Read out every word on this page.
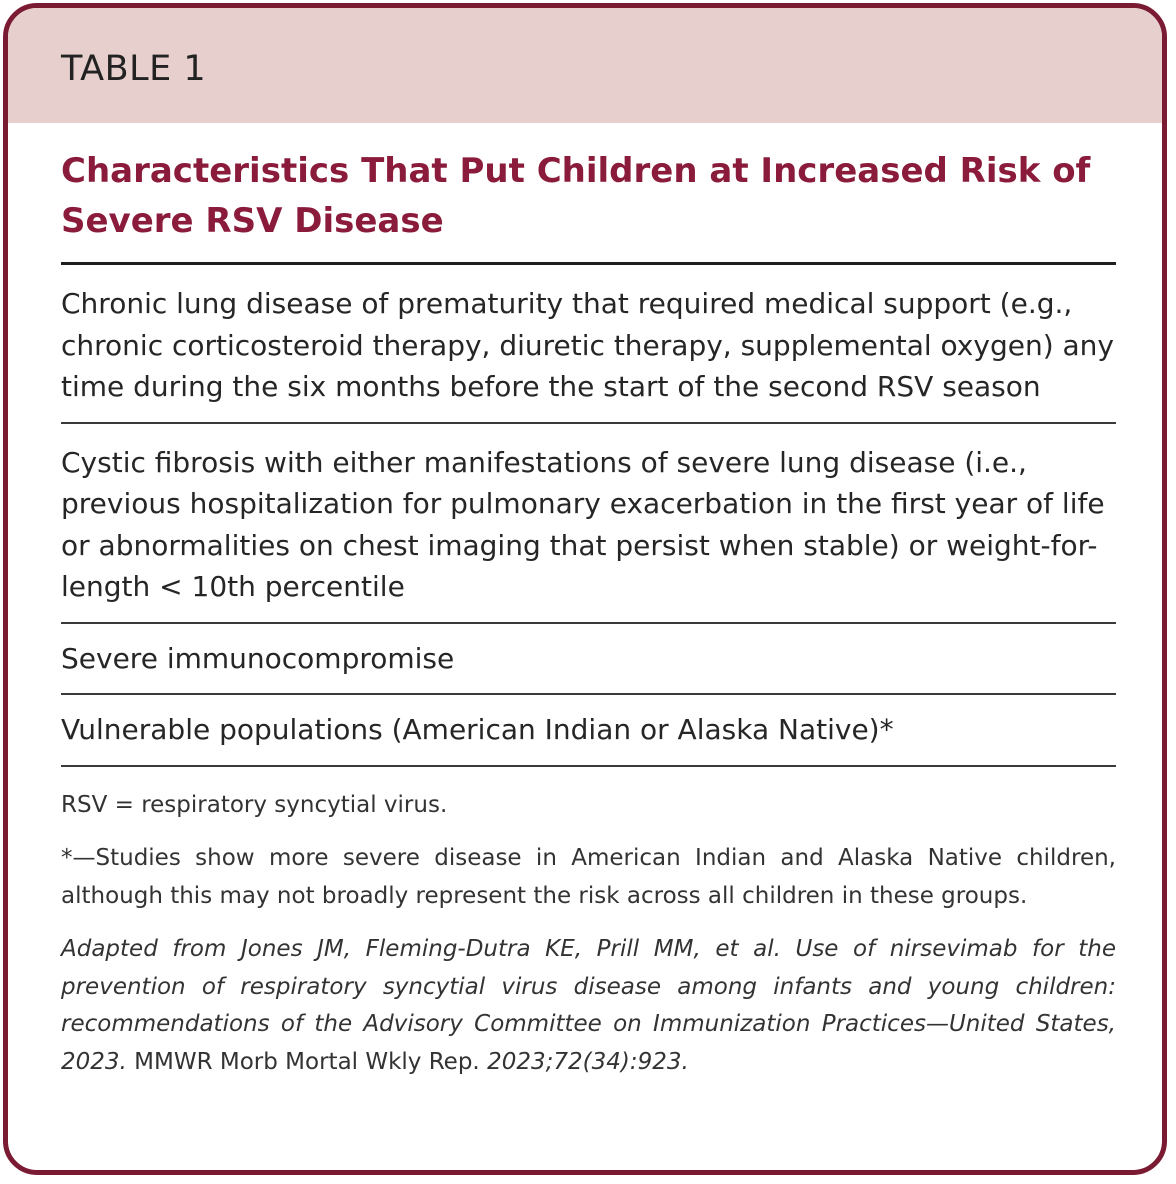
TABLE 1
Characteristics That Put Children at Increased Risk of Severe RSV Disease
Chronic lung disease of prematurity that required medical support (e.g., chronic corticosteroid therapy, diuretic therapy, supplemental oxygen) any time during the six months before the start of the second RSV season
Cystic fibrosis with either manifestations of severe lung disease (i.e., previous hospitalization for pulmonary exacerbation in the first year of life or abnormalities on chest imaging that persist when stable) or weight-for-length < 10th percentile
Severe immunocompromise
Vulnerable populations (American Indian or Alaska Native)*
RSV = respiratory syncytial virus.
*—Studies show more severe disease in American Indian and Alaska Native children, although this may not broadly represent the risk across all children in these groups.
Adapted from Jones JM, Fleming-Dutra KE, Prill MM, et al. Use of nirsevimab for the prevention of respiratory syncytial virus disease among infants and young children: recommendations of the Advisory Committee on Immunization Practices—United States, 2023. MMWR Morb Mortal Wkly Rep. 2023;72(34):923.
